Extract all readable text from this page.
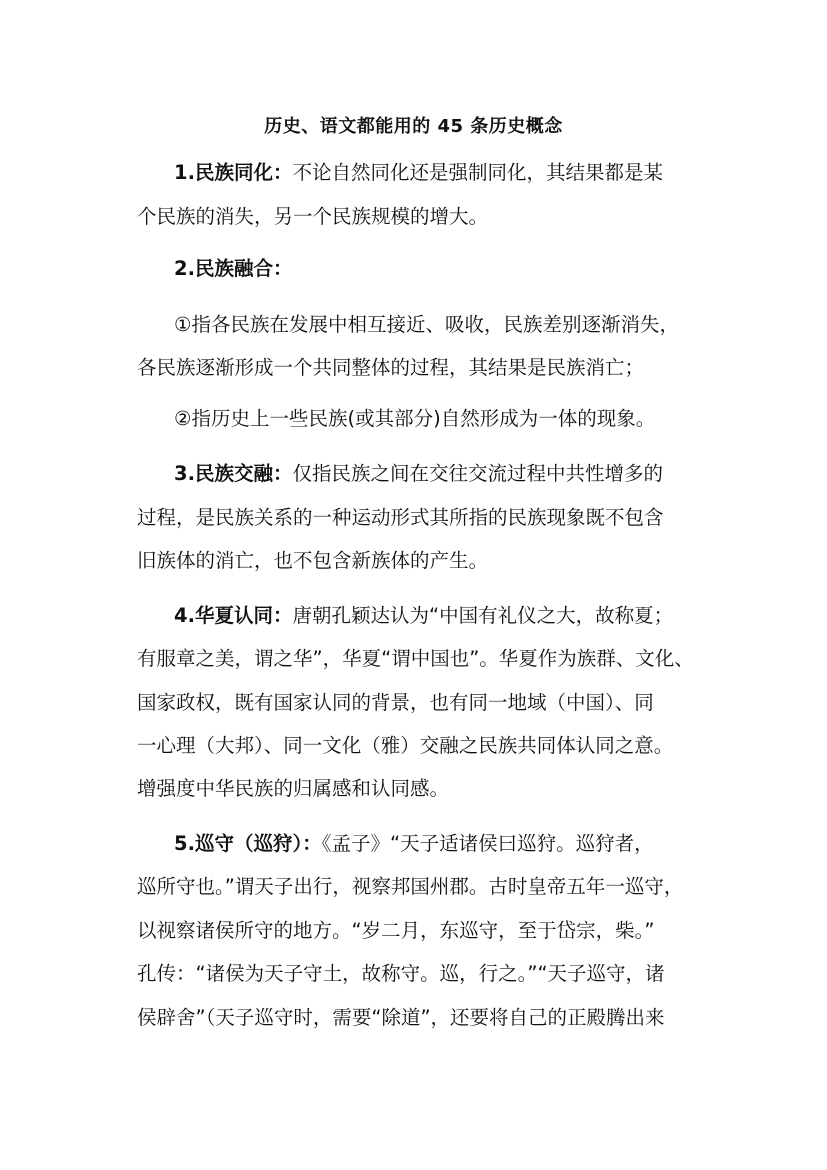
历史、语文都能用的 45 条历史概念
1.民族同化：不论自然同化还是强制同化，其结果都是某
个民族的消失，另一个民族规模的增大。
2.民族融合：
①指各民族在发展中相互接近、吸收，民族差别逐渐消失，
各民族逐渐形成一个共同整体的过程，其结果是民族消亡；
②指历史上一些民族(或其部分)自然形成为一体的现象。
3.民族交融：仅指民族之间在交往交流过程中共性增多的
过程，是民族关系的一种运动形式其所指的民族现象既不包含
旧族体的消亡，也不包含新族体的产生。
4.华夏认同：唐朝孔颖达认为“中国有礼仪之大，故称夏；
有服章之美，谓之华”，华夏“谓中国也”。华夏作为族群、文化、
国家政权，既有国家认同的背景，也有同一地域（中国）、同
一心理（大邦）、同一文化（雅）交融之民族共同体认同之意。
增强度中华民族的归属感和认同感。
5.巡守（巡狩）：《孟子》“天子适诸侯曰巡狩。巡狩者，
巡所守也。”谓天子出行，视察邦国州郡。古时皇帝五年一巡守，
以视察诸侯所守的地方。“岁二月，东巡守，至于岱宗，柴。”
孔传：“诸侯为天子守土，故称守。巡，行之。”“天子巡守，诸
侯辟舍”（天子巡守时，需要“除道”，还要将自己的正殿腾出来
